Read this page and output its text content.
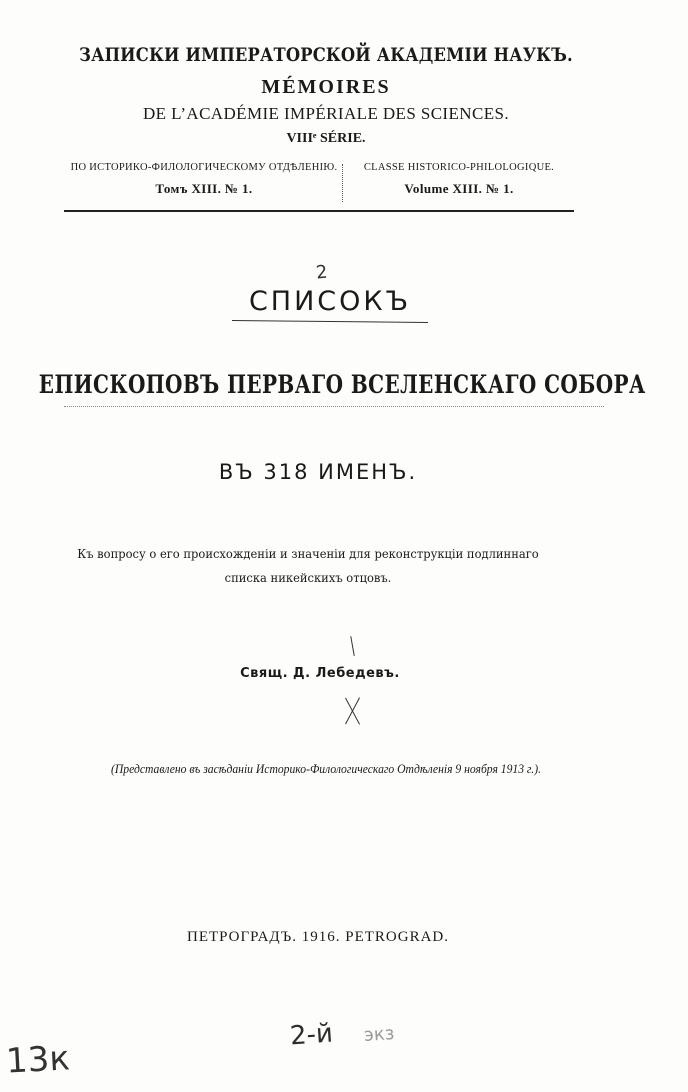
ЗАПИСКИ ИМПЕРАТОРСКОЙ АКАДЕМІИ НАУКЪ.
MÉMOIRES
DE L’ACADÉMIE IMPÉRIALE DES SCIENCES.
VIIIᵉ SÉRIE.
ПО ИСТОРИКО-ФИЛОЛОГИЧЕСКОМУ ОТДѢЛЕНІЮ.
Томъ XIII. № 1.
CLASSE HISTORICO-PHILOLOGIQUE.
Volume XIII. № 1.
2
СПИСОКЪ
ЕПИСКОПОВЪ ПЕРВАГО ВСЕЛЕНСКАГО СОБОРА
ВЪ 318 ИМЕНЪ.
Къ вопросу о его происхожденіи и значеніи для реконструкціи подлиннаго
списка никейскихъ отцовъ.
Свящ. Д. Лебедевъ.
(Представлено въ засѣданіи Историко-Филологическаго Отдѣленія 9 ноября 1913 г.).
ПЕТРОГРАДЪ. 1916. PETROGRAD.
2-й экз
13к
